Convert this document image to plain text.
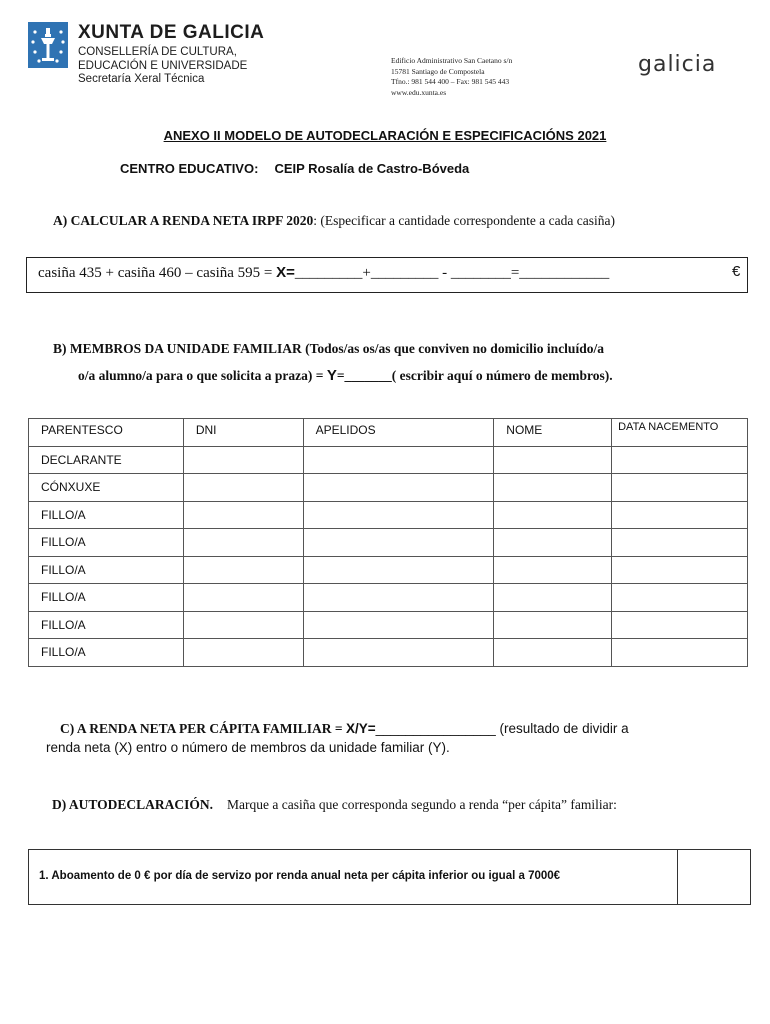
XUNTA DE GALICIA
CONSELLERÍA DE CULTURA,
EDUCACIÓN E UNIVERSIDADE
Secretaría Xeral Técnica
Edificio Administrativo San Caetano s/n
15781 Santiago de Compostela
Tfno.: 981 544 400 – Fax: 981 545 443
www.edu.xunta.es
galicia
ANEXO II MODELO DE AUTODECLARACIÓN E ESPECIFICACIÓNS 2021
CENTRO EDUCATIVO: CEIP Rosalía de Castro-Bóveda
A) CALCULAR A RENDA NETA IRPF 2020: (Especificar a cantidade correspondente a cada casiña)
casiña 435 + casiña 460 – casiña 595 = X=_________+_________ - ________=____________	€
B) MEMBROS DA UNIDADE FAMILIAR (Todos/as os/as que conviven no domicilio incluído/a
o/a alumno/a para o que solicita a praza) = Y=_______( escribir aquí o número de membros).
PARENTESCO	DNI	APELIDOS	NOME	DATA NACEMENTO
DECLARANTE				
CÓNXUXE				
FILLO/A				
FILLO/A				
FILLO/A				
FILLO/A				
FILLO/A				
FILLO/A				
C) A RENDA NETA PER CÁPITA FAMILIAR = X/Y=________________ (resultado de dividir a
renda neta (X) entro o número de membros da unidade familiar (Y).
D) AUTODECLARACIÓN. Marque a casiña que corresponda segundo a renda “per cápita” familiar:
1. Aboamento de 0 € por día de servizo por renda anual neta per cápita inferior ou igual a 7000€
